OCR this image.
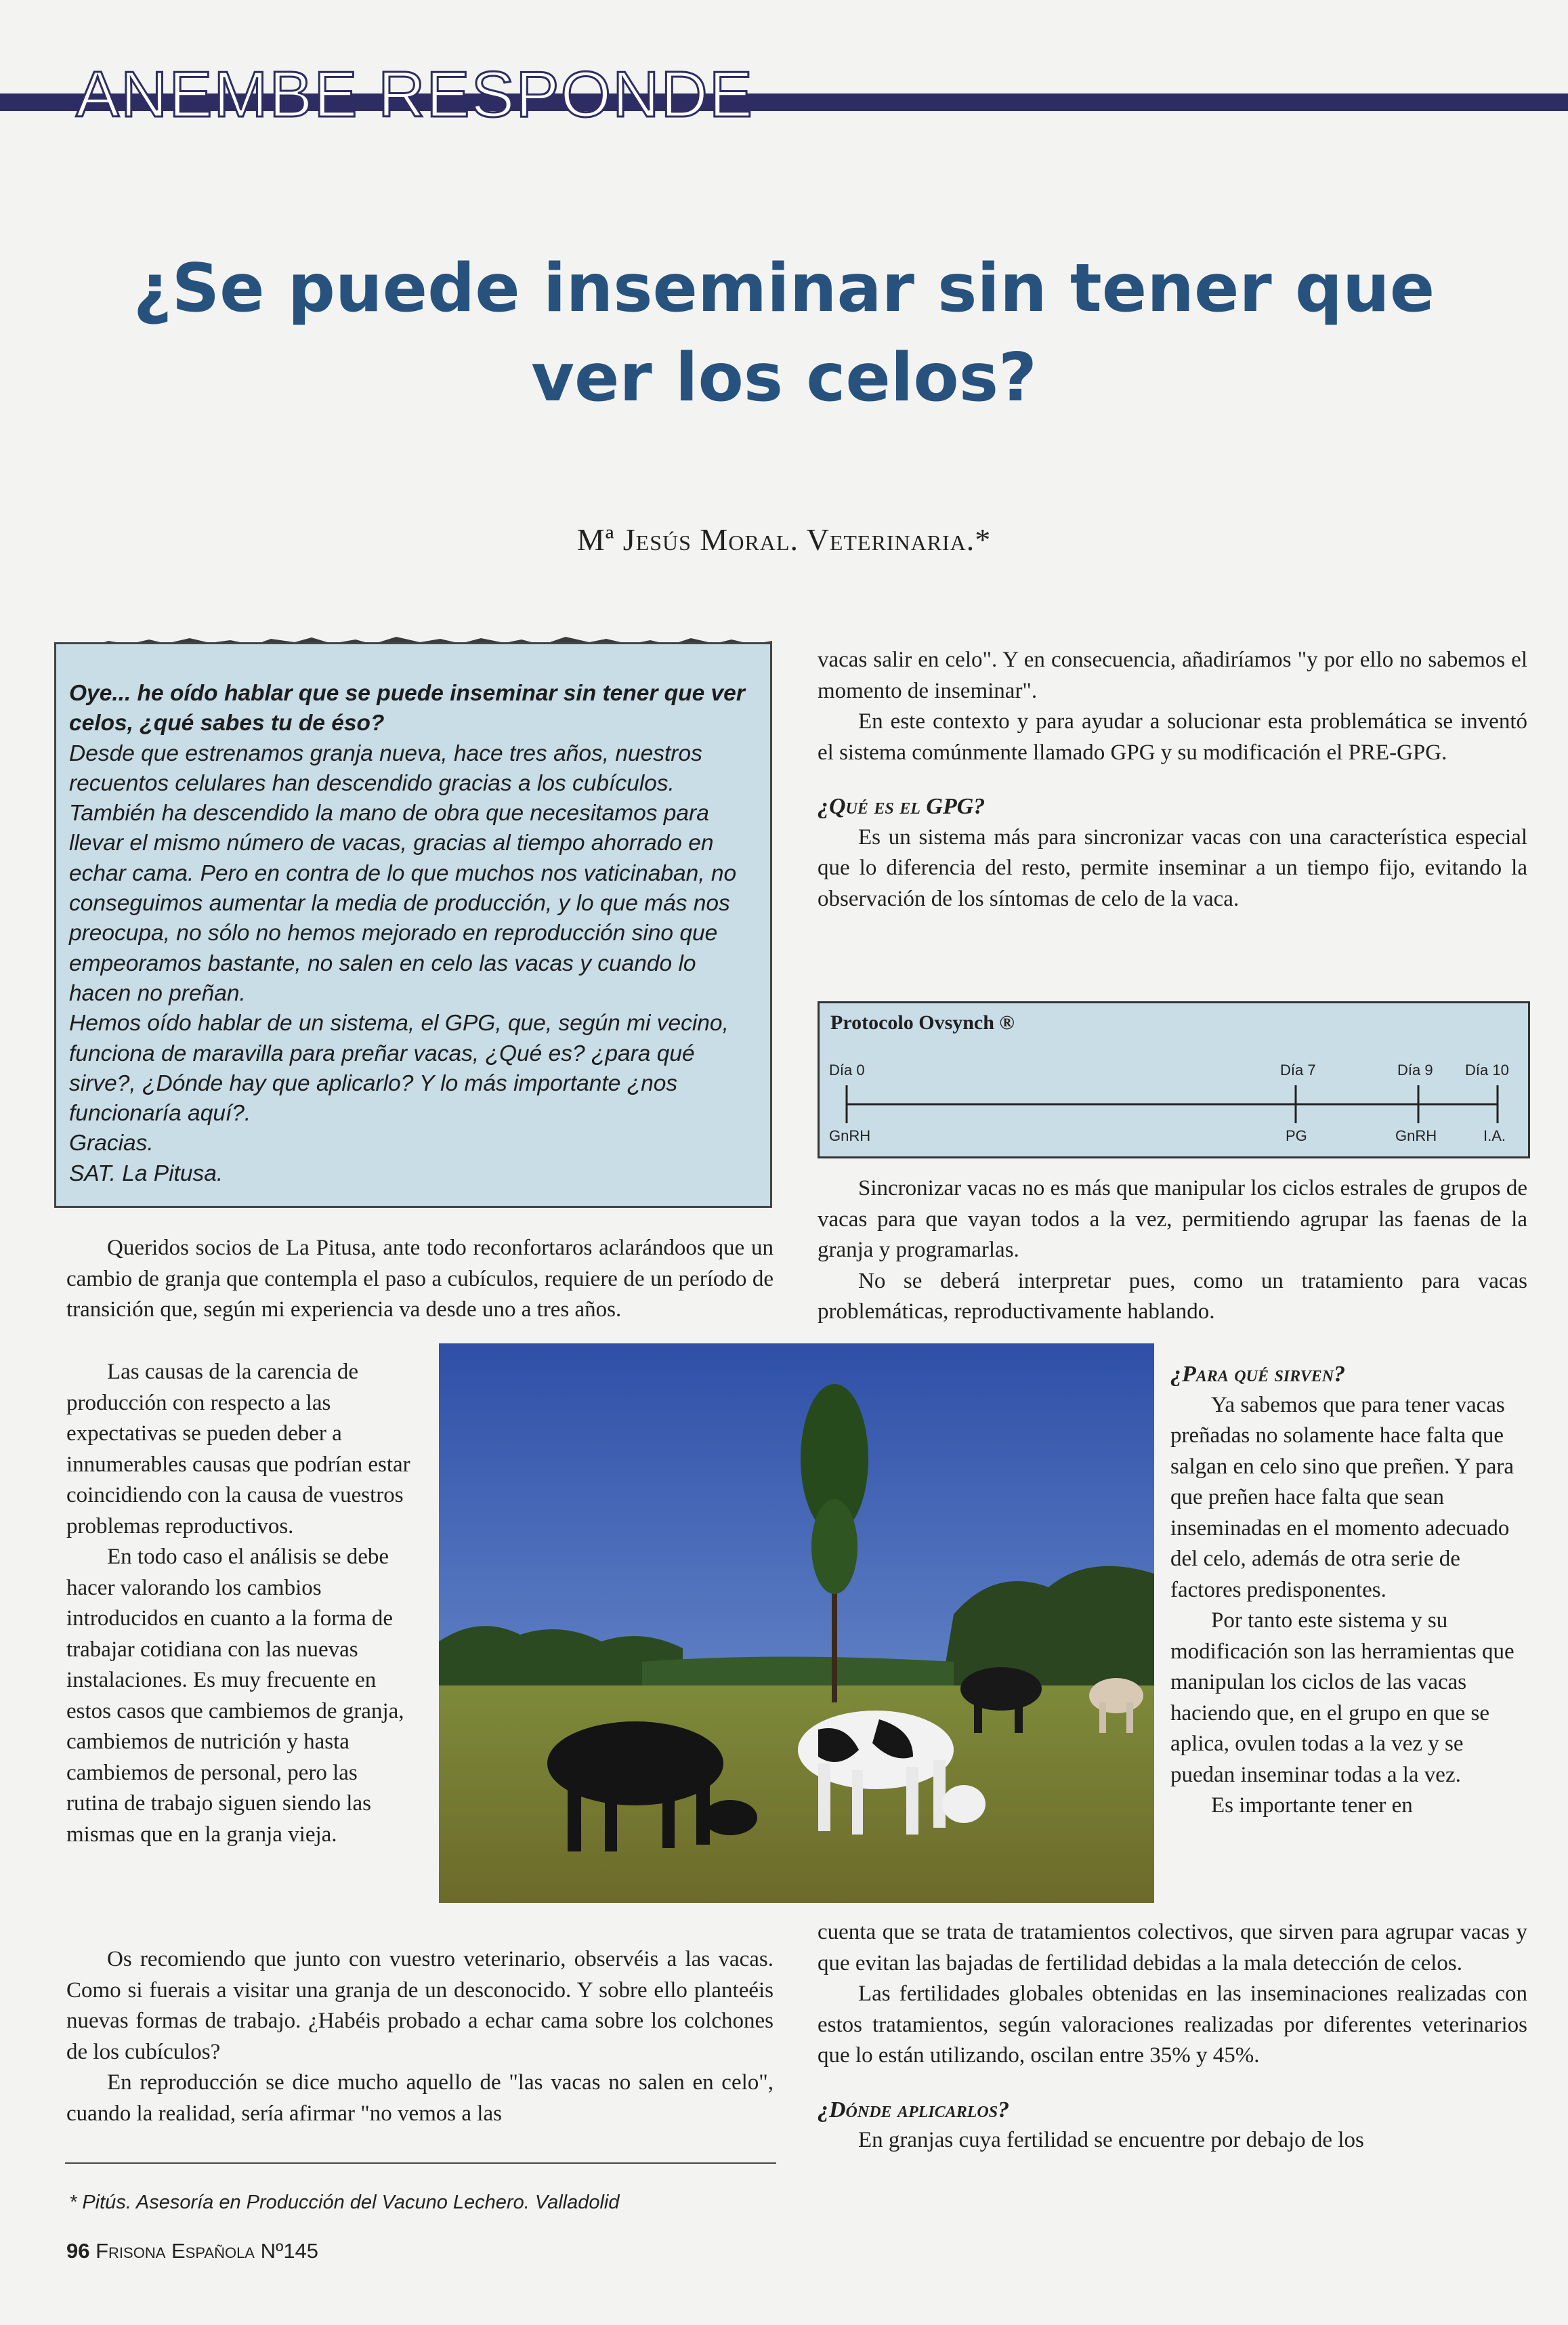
ANEMBE RESPONDE
¿Se puede inseminar sin tener que
ver los celos?
Mª Jesús Moral. Veterinaria.*

Oye... he oído hablar que se puede inseminar sin tener que ver celos, ¿qué sabes tu de éso?

Desde que estrenamos granja nueva, hace tres años, nuestros recuentos celulares han descendido gracias a los cubículos. También ha descendido la mano de obra que necesitamos para llevar el mismo número de vacas, gracias al tiempo ahorrado en echar cama. Pero en contra de lo que muchos nos vaticinaban, no conseguimos aumentar la media de producción, y lo que más nos preocupa, no sólo no hemos mejorado en reproducción sino que empeoramos bastante, no salen en celo las vacas y cuando lo hacen no preñan.

Hemos oído hablar de un sistema, el GPG, que, según mi vecino, funciona de maravilla para preñar vacas, ¿Qué es? ¿para qué sirve?, ¿Dónde hay que aplicarlo? Y lo más importante ¿nos funcionaría aquí?.

Gracias.

SAT. La Pitusa.

Queridos socios de La Pitusa, ante todo reconfortaros aclarándoos que un cambio de granja que contempla el paso a cubículos, requiere de un período de transición que, según mi experiencia va desde uno a tres años.

Las causas de la carencia de producción con respecto a las expectativas se pueden deber a innumerables causas que podrían estar coincidiendo con la causa de vuestros problemas reproductivos.

En todo caso el análisis se debe hacer valorando los cambios introducidos en cuanto a la forma de trabajar cotidiana con las nuevas instalaciones. Es muy frecuente en estos casos que cambiemos de granja, cambiemos de nutrición y hasta cambiemos de personal, pero las rutina de trabajo siguen siendo las mismas que en la granja vieja.

Os recomiendo que junto con vuestro veterinario, observéis a las vacas. Como si fuerais a visitar una granja de un desconocido. Y sobre ello planteéis nuevas formas de trabajo. ¿Habéis probado a echar cama sobre los colchones de los cubículos?

En reproducción se dice mucho aquello de "las vacas no salen en celo", cuando la realidad, sería afirmar "no vemos a las

vacas salir en celo". Y en consecuencia, añadiríamos "y por ello no sabemos el momento de inseminar".

En este contexto y para ayudar a solucionar esta problemática se inventó el sistema comúnmente llamado GPG y su modificación el PRE-GPG.

¿Qué es el GPG?

Es un sistema más para sincronizar vacas con una característica especial que lo diferencia del resto, permite inseminar a un tiempo fijo, evitando la observación de los síntomas de celo de la vaca.

Protocolo Ovsynch ®
Día 0	Día 7	Día 9 Día 10
GnRH	PG	GnRH	I.A.

Sincronizar vacas no es más que manipular los ciclos estrales de grupos de vacas para que vayan todos a la vez, permitiendo agrupar las faenas de la granja y programarlas.

No se deberá interpretar pues, como un tratamiento para vacas problemáticas, reproductivamente hablando.

¿Para qué sirven?

Ya sabemos que para tener vacas preñadas no solamente hace falta que salgan en celo sino que preñen. Y para que preñen hace falta que sean inseminadas en el momento adecuado del celo, además de otra serie de factores predisponentes.

Por tanto este sistema y su modificación son las herramientas que manipulan los ciclos de las vacas haciendo que, en el grupo en que se aplica, ovulen todas a la vez y se puedan inseminar todas a la vez.

Es importante tener en

cuenta que se trata de tratamientos colectivos, que sirven para agrupar vacas y que evitan las bajadas de fertilidad debidas a la mala detección de celos.

Las fertilidades globales obtenidas en las inseminaciones realizadas con estos tratamientos, según valoraciones realizadas por diferentes veterinarios que lo están utilizando, oscilan entre 35% y 45%.

¿Dónde aplicarlos?

En granjas cuya fertilidad se encuentre por debajo de los

* Pitús. Asesoría en Producción del Vacuno Lechero. Valladolid
96 Frisona Española Nº145
